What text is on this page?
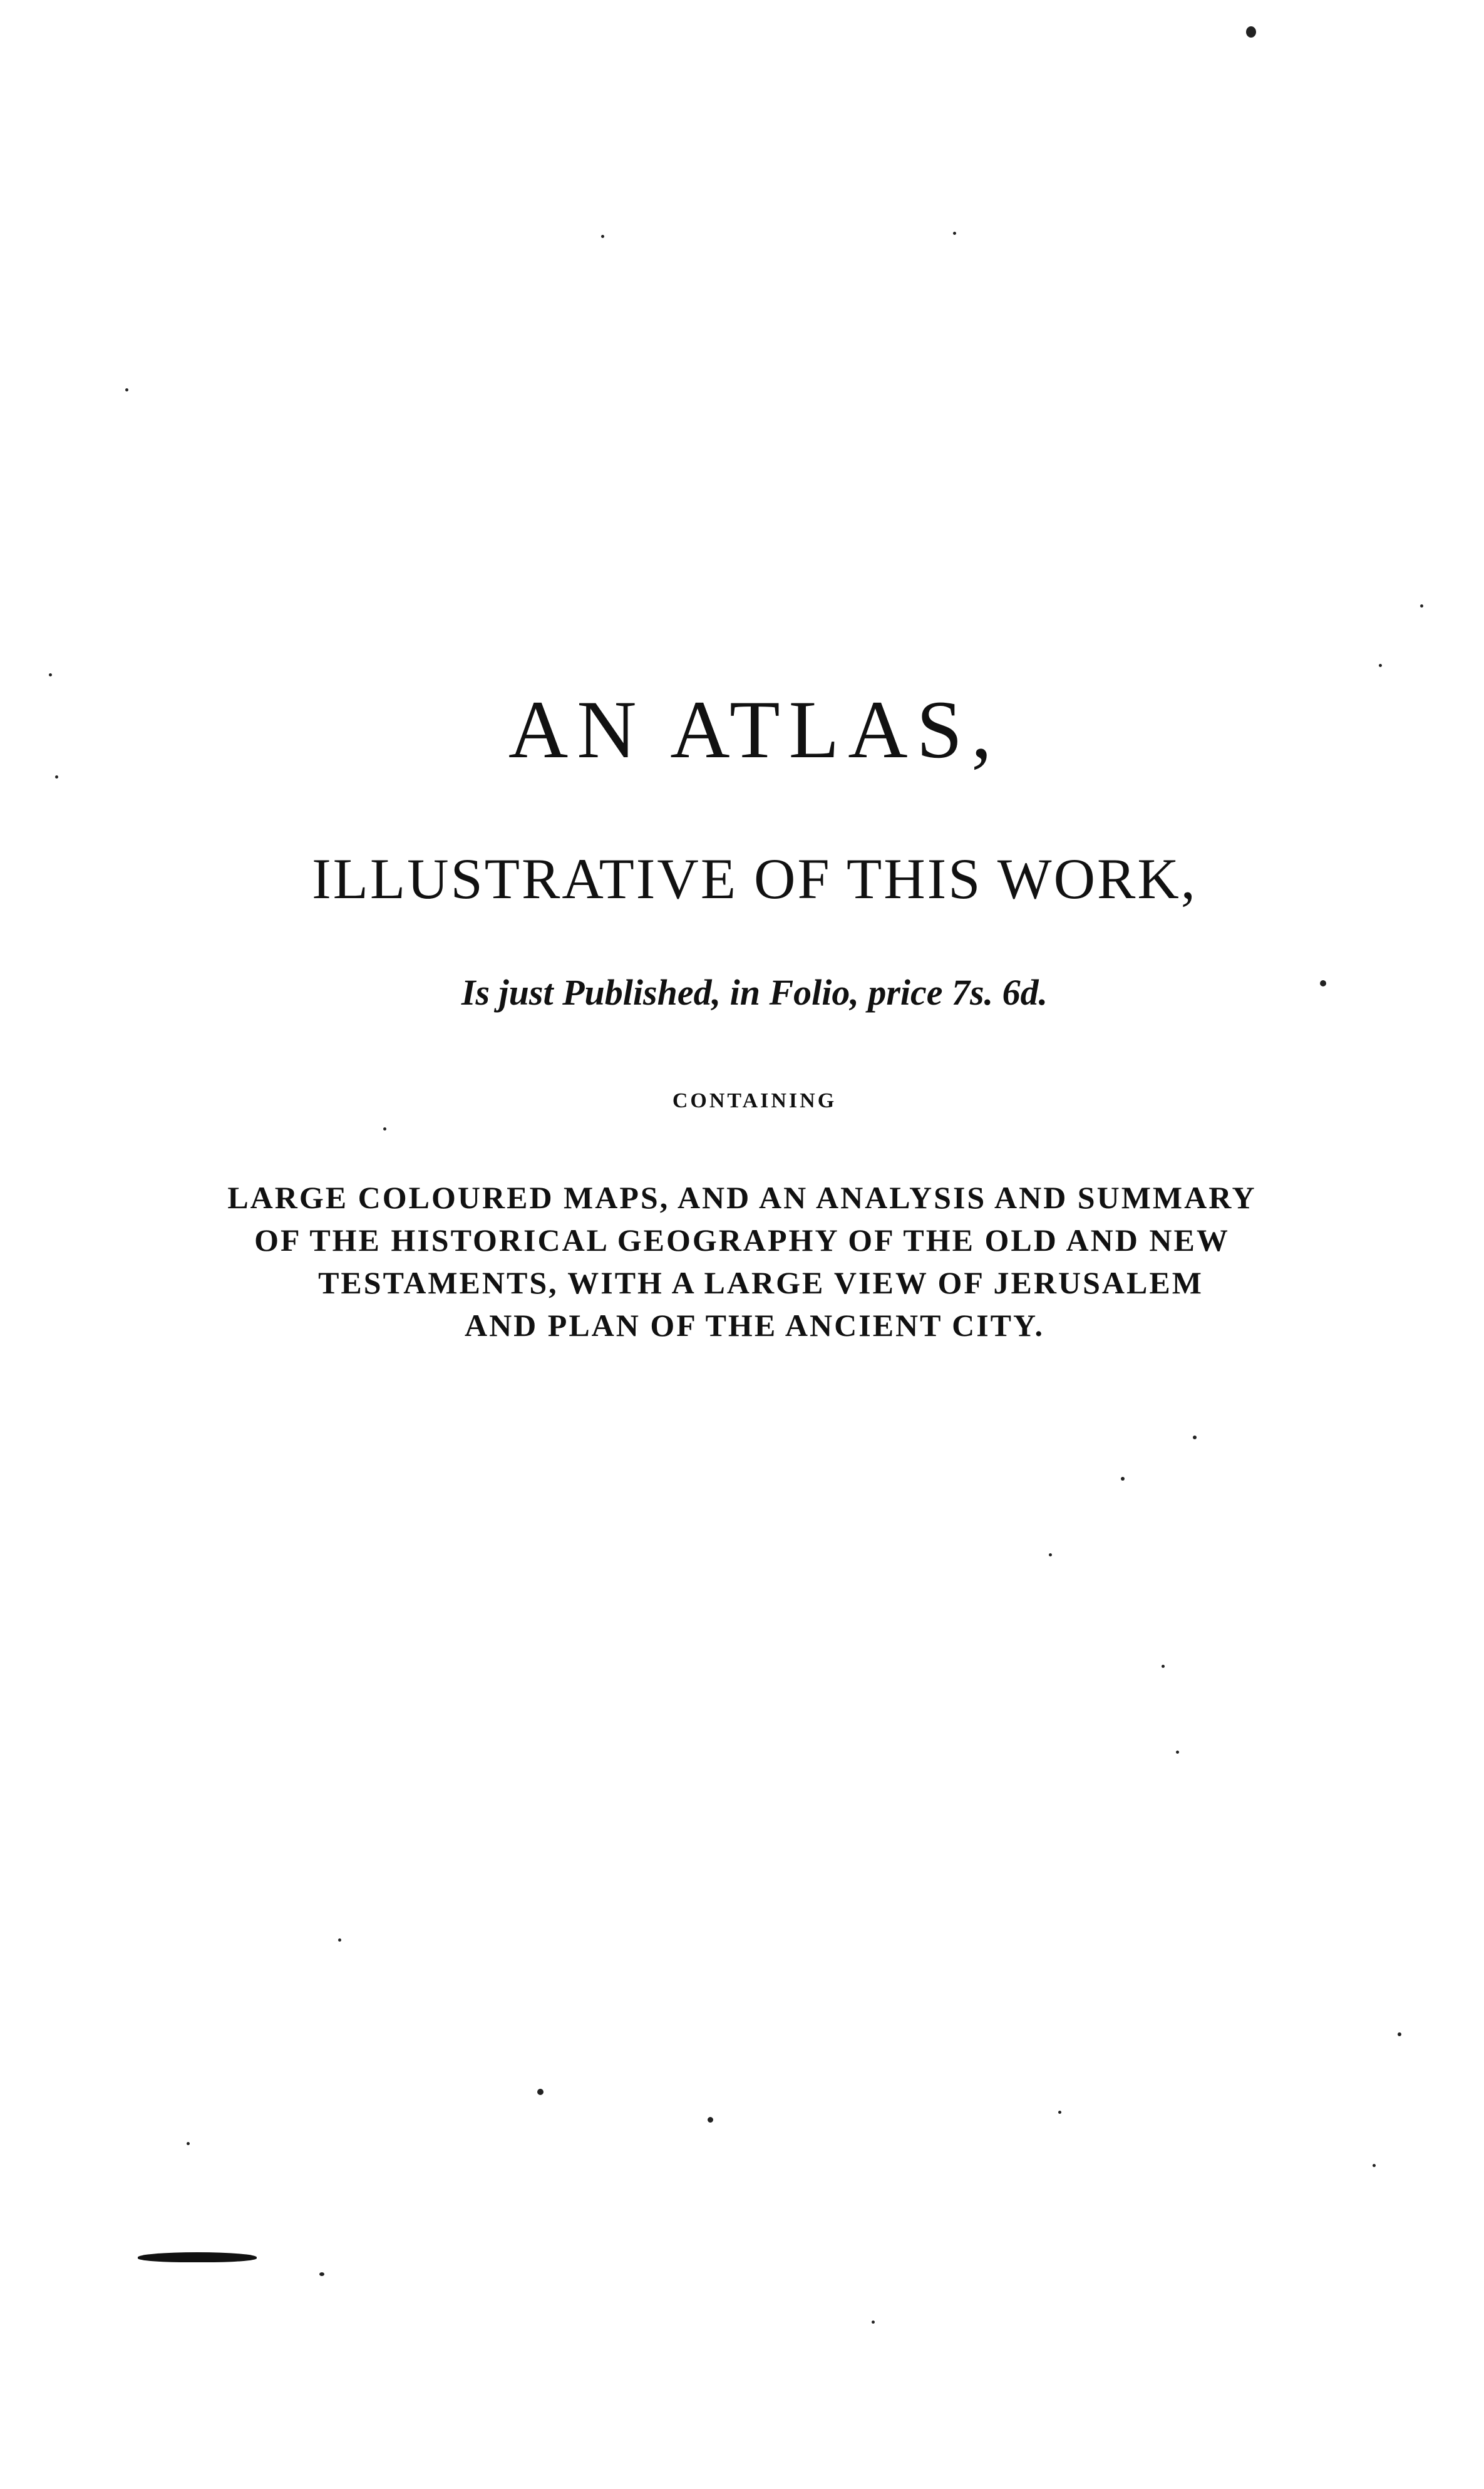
AN ATLAS,
ILLUSTRATIVE OF THIS WORK,
Is just Published, in Folio, price 7s. 6d.
CONTAINING
LARGE COLOURED MAPS, AND AN ANALYSIS AND SUMMARY
OF THE HISTORICAL GEOGRAPHY OF THE OLD AND NEW
TESTAMENTS, WITH A LARGE VIEW OF JERUSALEM
AND PLAN OF THE ANCIENT CITY.
